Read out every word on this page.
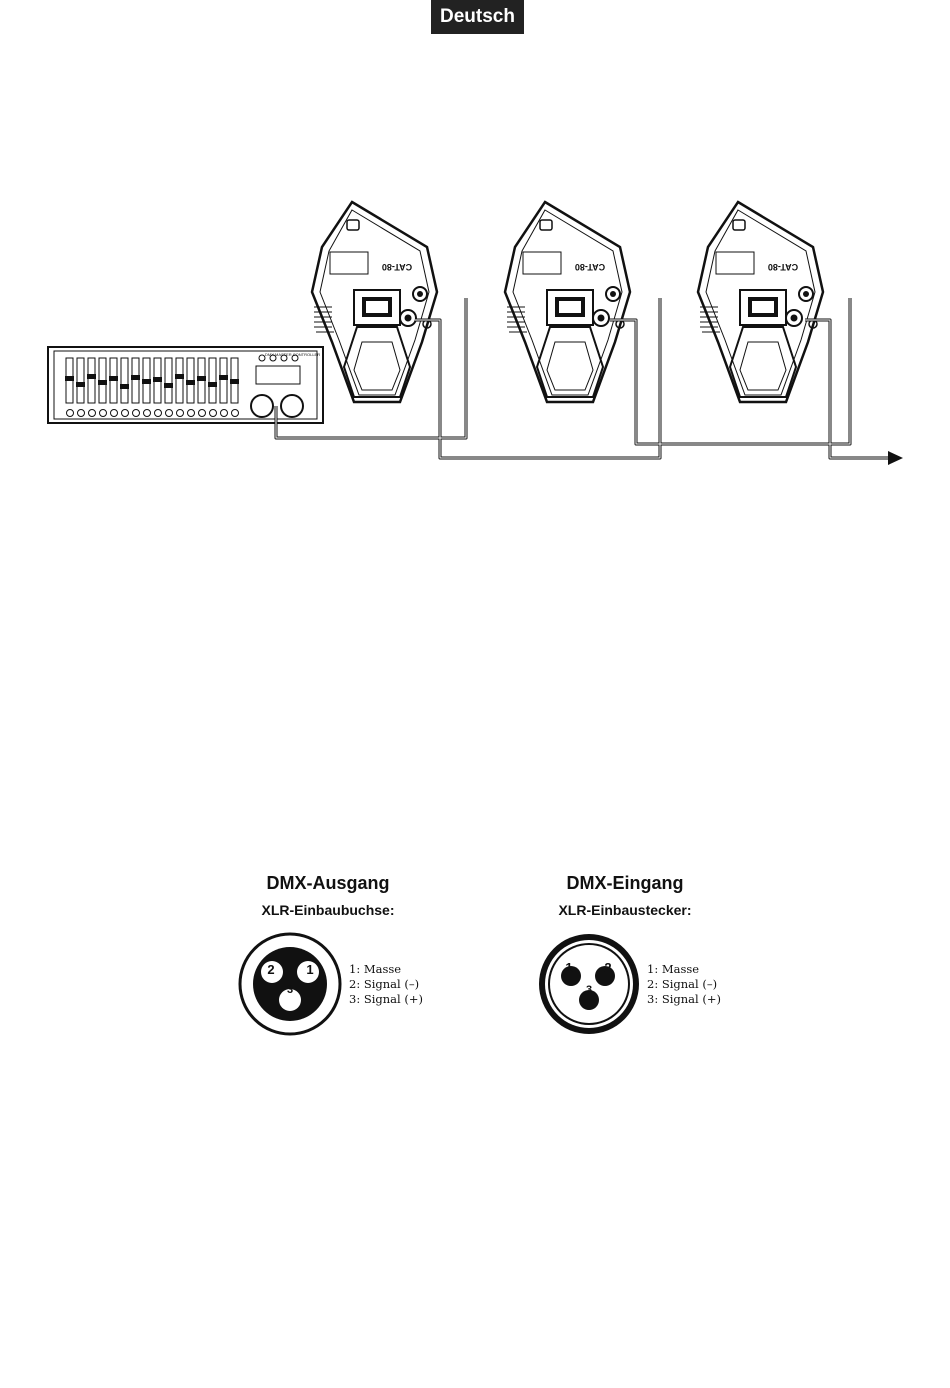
Deutsch
CAT-80
DMX MASTER CONTROLLER
DMX-Ausgang
XLR-Einbaubuchse:
2 1
3
1: Masse
2: Signal (–)
3: Signal (+)
DMX-Eingang
XLR-Einbaustecker:
1 2
3
1: Masse
2: Signal (–)
3: Signal (+)
